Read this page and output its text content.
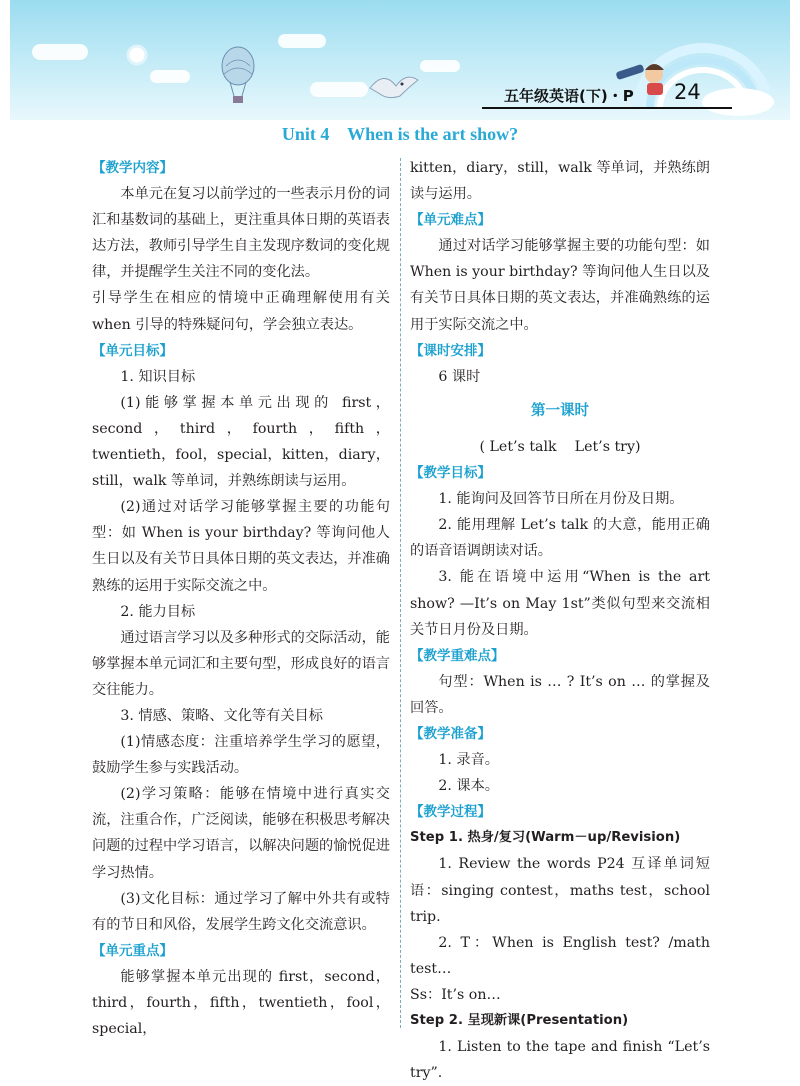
五年级英语(下)・P 24
Unit 4    When is the art show?

【教学内容】

本单元在复习以前学过的一些表示月份的词汇和基数词的基础上，更注重具体日期的英语表达方法，教师引导学生自主发现序数词的变化规律，并提醒学生关注不同的变化法。

引导学生在相应的情境中正确理解使用有关 when 引导的特殊疑问句，学会独立表达。

【单元目标】

1. 知识目标

(1)能够掌握本单元出现的 first，second，third，fourth，fifth，twentieth，fool，special，kitten，diary，still，walk 等单词，并熟练朗读与运用。

(2)通过对话学习能够掌握主要的功能句型：如 When is your birthday? 等询问他人生日以及有关节日具体日期的英文表达，并准确熟练的运用于实际交流之中。

2. 能力目标

通过语言学习以及多种形式的交际活动，能够掌握本单元词汇和主要句型，形成良好的语言交往能力。

3. 情感、策略、文化等有关目标

(1)情感态度：注重培养学生学习的愿望，鼓励学生参与实践活动。

(2)学习策略：能够在情境中进行真实交流，注重合作，广泛阅读，能够在积极思考解决问题的过程中学习语言，以解决问题的愉悦促进学习热情。

(3)文化目标：通过学习了解中外共有或特有的节日和风俗，发展学生跨文化交流意识。

【单元重点】

能够掌握本单元出现的 first，second，third，fourth，fifth，twentieth，fool，special，

kitten，diary，still，walk 等单词，并熟练朗读与运用。

【单元难点】

通过对话学习能够掌握主要的功能句型：如 When is your birthday? 等询问他人生日以及有关节日具体日期的英文表达，并准确熟练的运用于实际交流之中。

【课时安排】

6 课时

第一课时

( Let’s talk    Let’s try)

【教学目标】

1. 能询问及回答节日所在月份及日期。

2. 能用理解 Let’s talk 的大意，能用正确的语音语调朗读对话。

3. 能在语境中运用“When is the art show? —It’s on May 1st”类似句型来交流相关节日月份及日期。

【教学重难点】

句型：When is … ? It’s on … 的掌握及回答。

【教学准备】

1. 录音。

2. 课本。

【教学过程】

Step 1. 热身/复习(Warm－up/Revision)

1. Review the words P24 互译单词短语：singing contest，maths test，school trip.

2. T：When is English test? /math test…

Ss：It’s on…

Step 2. 呈现新课(Presentation)

1. Listen to the tape and finish “Let’s try”.
